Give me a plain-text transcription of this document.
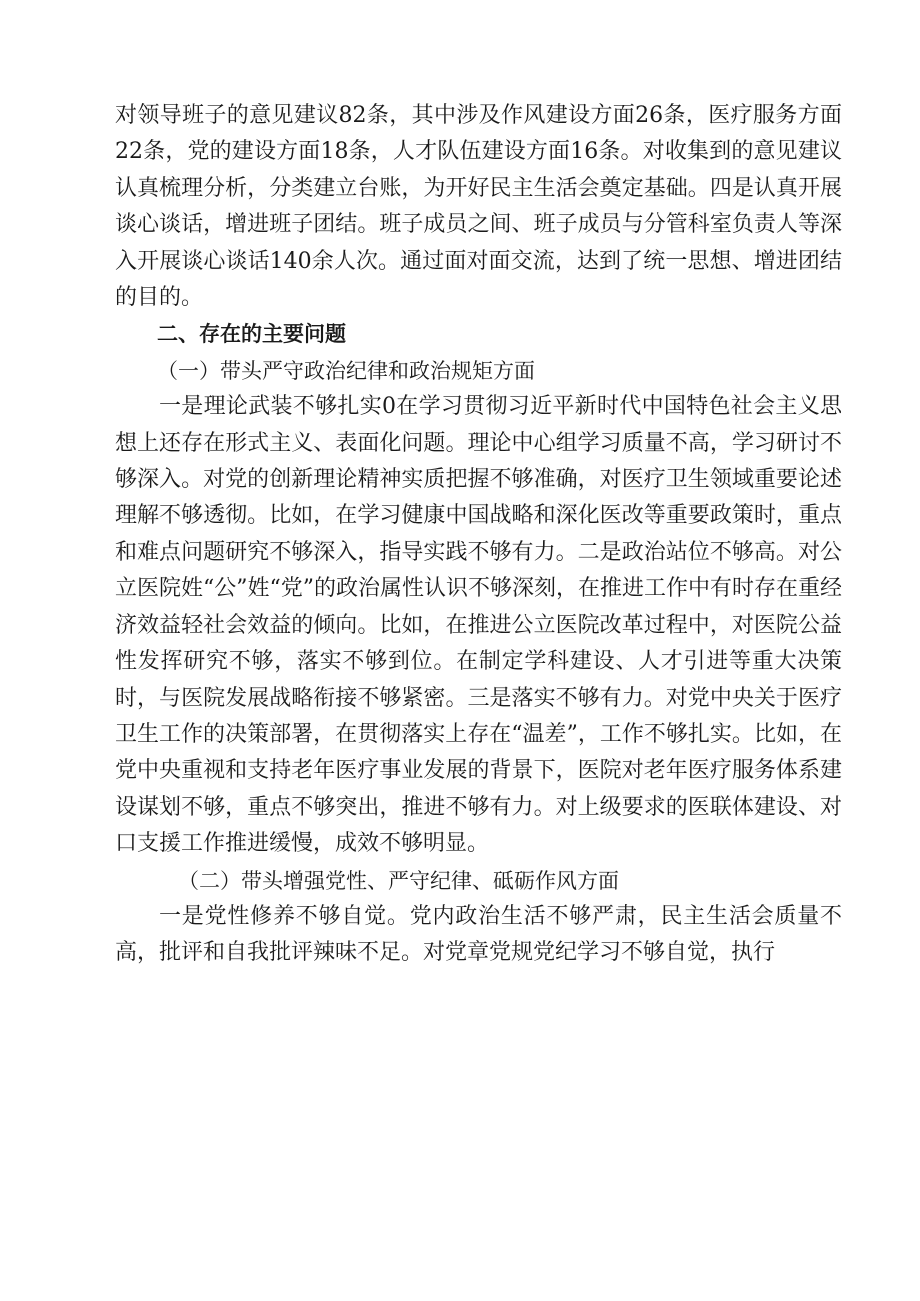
对领导班子的意见建议82条，其中涉及作风建设方面26条，医疗服务方面22条，党的建设方面18条，人才队伍建设方面16条。对收集到的意见建议认真梳理分析，分类建立台账，为开好民主生活会奠定基础。四是认真开展谈心谈话，增进班子团结。班子成员之间、班子成员与分管科室负责人等深入开展谈心谈话140余人次。通过面对面交流，达到了统一思想、增进团结的目的。

二、存在的主要问题

（一）带头严守政治纪律和政治规矩方面

一是理论武装不够扎实0在学习贯彻习近平新时代中国特色社会主义思想上还存在形式主义、表面化问题。理论中心组学习质量不高，学习研讨不够深入。对党的创新理论精神实质把握不够准确，对医疗卫生领域重要论述理解不够透彻。比如，在学习健康中国战略和深化医改等重要政策时，重点和难点问题研究不够深入，指导实践不够有力。二是政治站位不够高。对公立医院姓“公”姓“党”的政治属性认识不够深刻，在推进工作中有时存在重经济效益轻社会效益的倾向。比如，在推进公立医院改革过程中，对医院公益性发挥研究不够，落实不够到位。在制定学科建设、人才引进等重大决策时，与医院发展战略衔接不够紧密。三是落实不够有力。对党中央关于医疗卫生工作的决策部署，在贯彻落实上存在“温差”，工作不够扎实。比如，在党中央重视和支持老年医疗事业发展的背景下，医院对老年医疗服务体系建设谋划不够，重点不够突出，推进不够有力。对上级要求的医联体建设、对口支援工作推进缓慢，成效不够明显。

（二）带头增强党性、严守纪律、砥砺作风方面

一是党性修养不够自觉。党内政治生活不够严肃，民主生活会质量不高，批评和自我批评辣味不足。对党章党规党纪学习不够自觉，执行
